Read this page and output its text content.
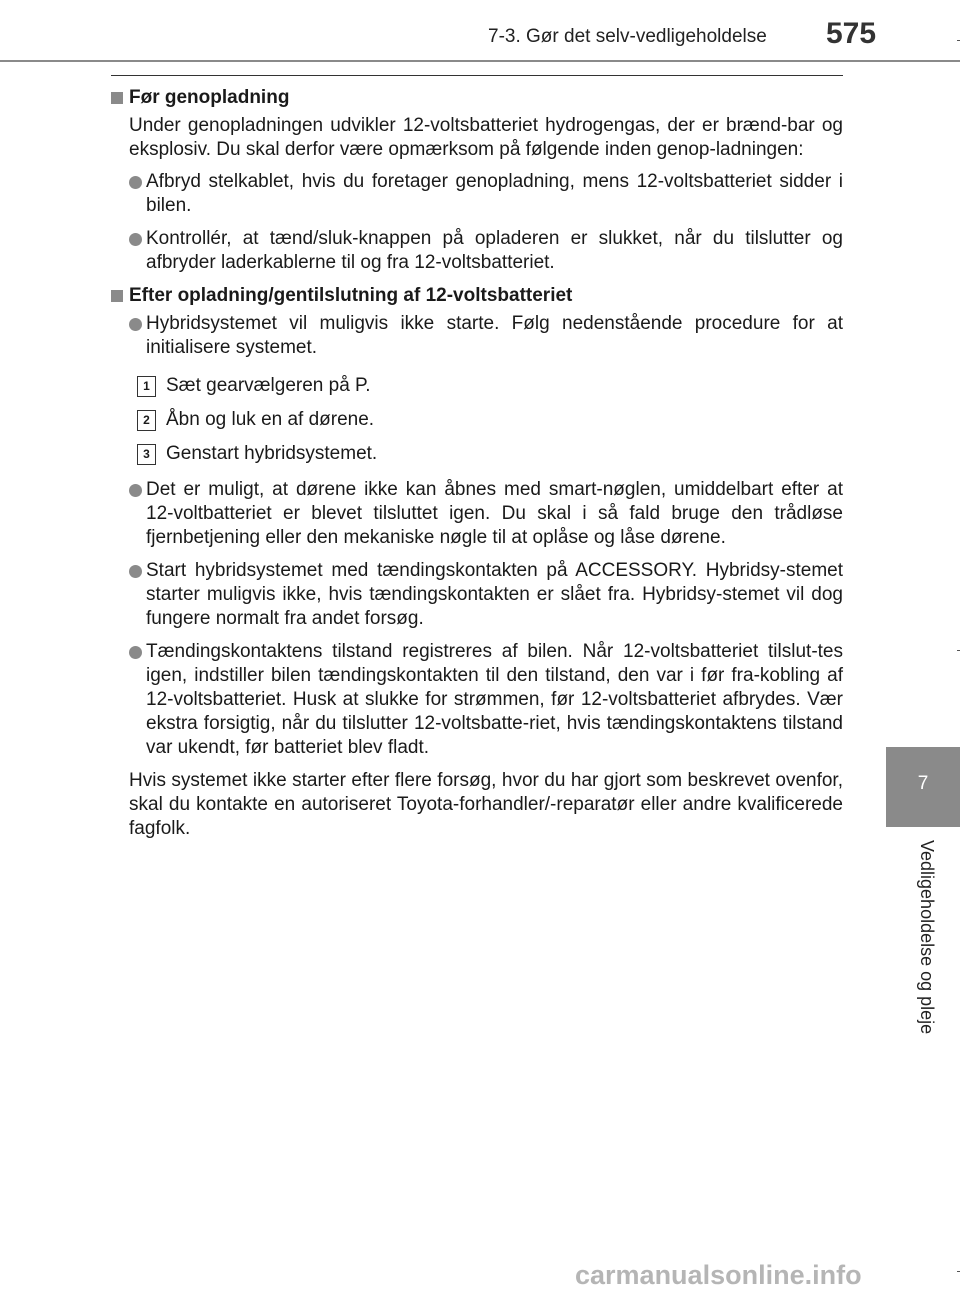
7-3. Gør det selv-vedligeholdelse 575
Før genopladning
Under genopladningen udvikler 12-voltsbatteriet hydrogengas, der er brænd-bar og eksplosiv. Du skal derfor være opmærksom på følgende inden genop-ladningen:
Afbryd stelkablet, hvis du foretager genopladning, mens 12-voltsbatteriet sidder i bilen.
Kontrollér, at tænd/sluk-knappen på opladeren er slukket, når du tilslutter og afbryder laderkablerne til og fra 12-voltsbatteriet.
Efter opladning/gentilslutning af 12-voltsbatteriet
Hybridsystemet vil muligvis ikke starte. Følg nedenstående procedure for at initialisere systemet.
1 Sæt gearvælgeren på P.
2 Åbn og luk en af dørene.
3 Genstart hybridsystemet.
Det er muligt, at dørene ikke kan åbnes med smart-nøglen, umiddelbart efter at 12-voltbatteriet er blevet tilsluttet igen. Du skal i så fald bruge den trådløse fjernbetjening eller den mekaniske nøgle til at oplåse og låse dørene.
Start hybridsystemet med tændingskontakten på ACCESSORY. Hybridsy-stemet starter muligvis ikke, hvis tændingskontakten er slået fra. Hybridsy-stemet vil dog fungere normalt fra andet forsøg.
Tændingskontaktens tilstand registreres af bilen. Når 12-voltsbatteriet tilslut-tes igen, indstiller bilen tændingskontakten til den tilstand, den var i før fra-kobling af 12-voltsbatteriet. Husk at slukke for strømmen, før 12-voltsbatteriet afbrydes. Vær ekstra forsigtig, når du tilslutter 12-voltsbatte-riet, hvis tændingskontaktens tilstand var ukendt, før batteriet blev fladt.
Hvis systemet ikke starter efter flere forsøg, hvor du har gjort som beskrevet ovenfor, skal du kontakte en autoriseret Toyota-forhandler/-reparatør eller andre kvalificerede fagfolk.
7
Vedligeholdelse og pleje
carmanualsonline.info
